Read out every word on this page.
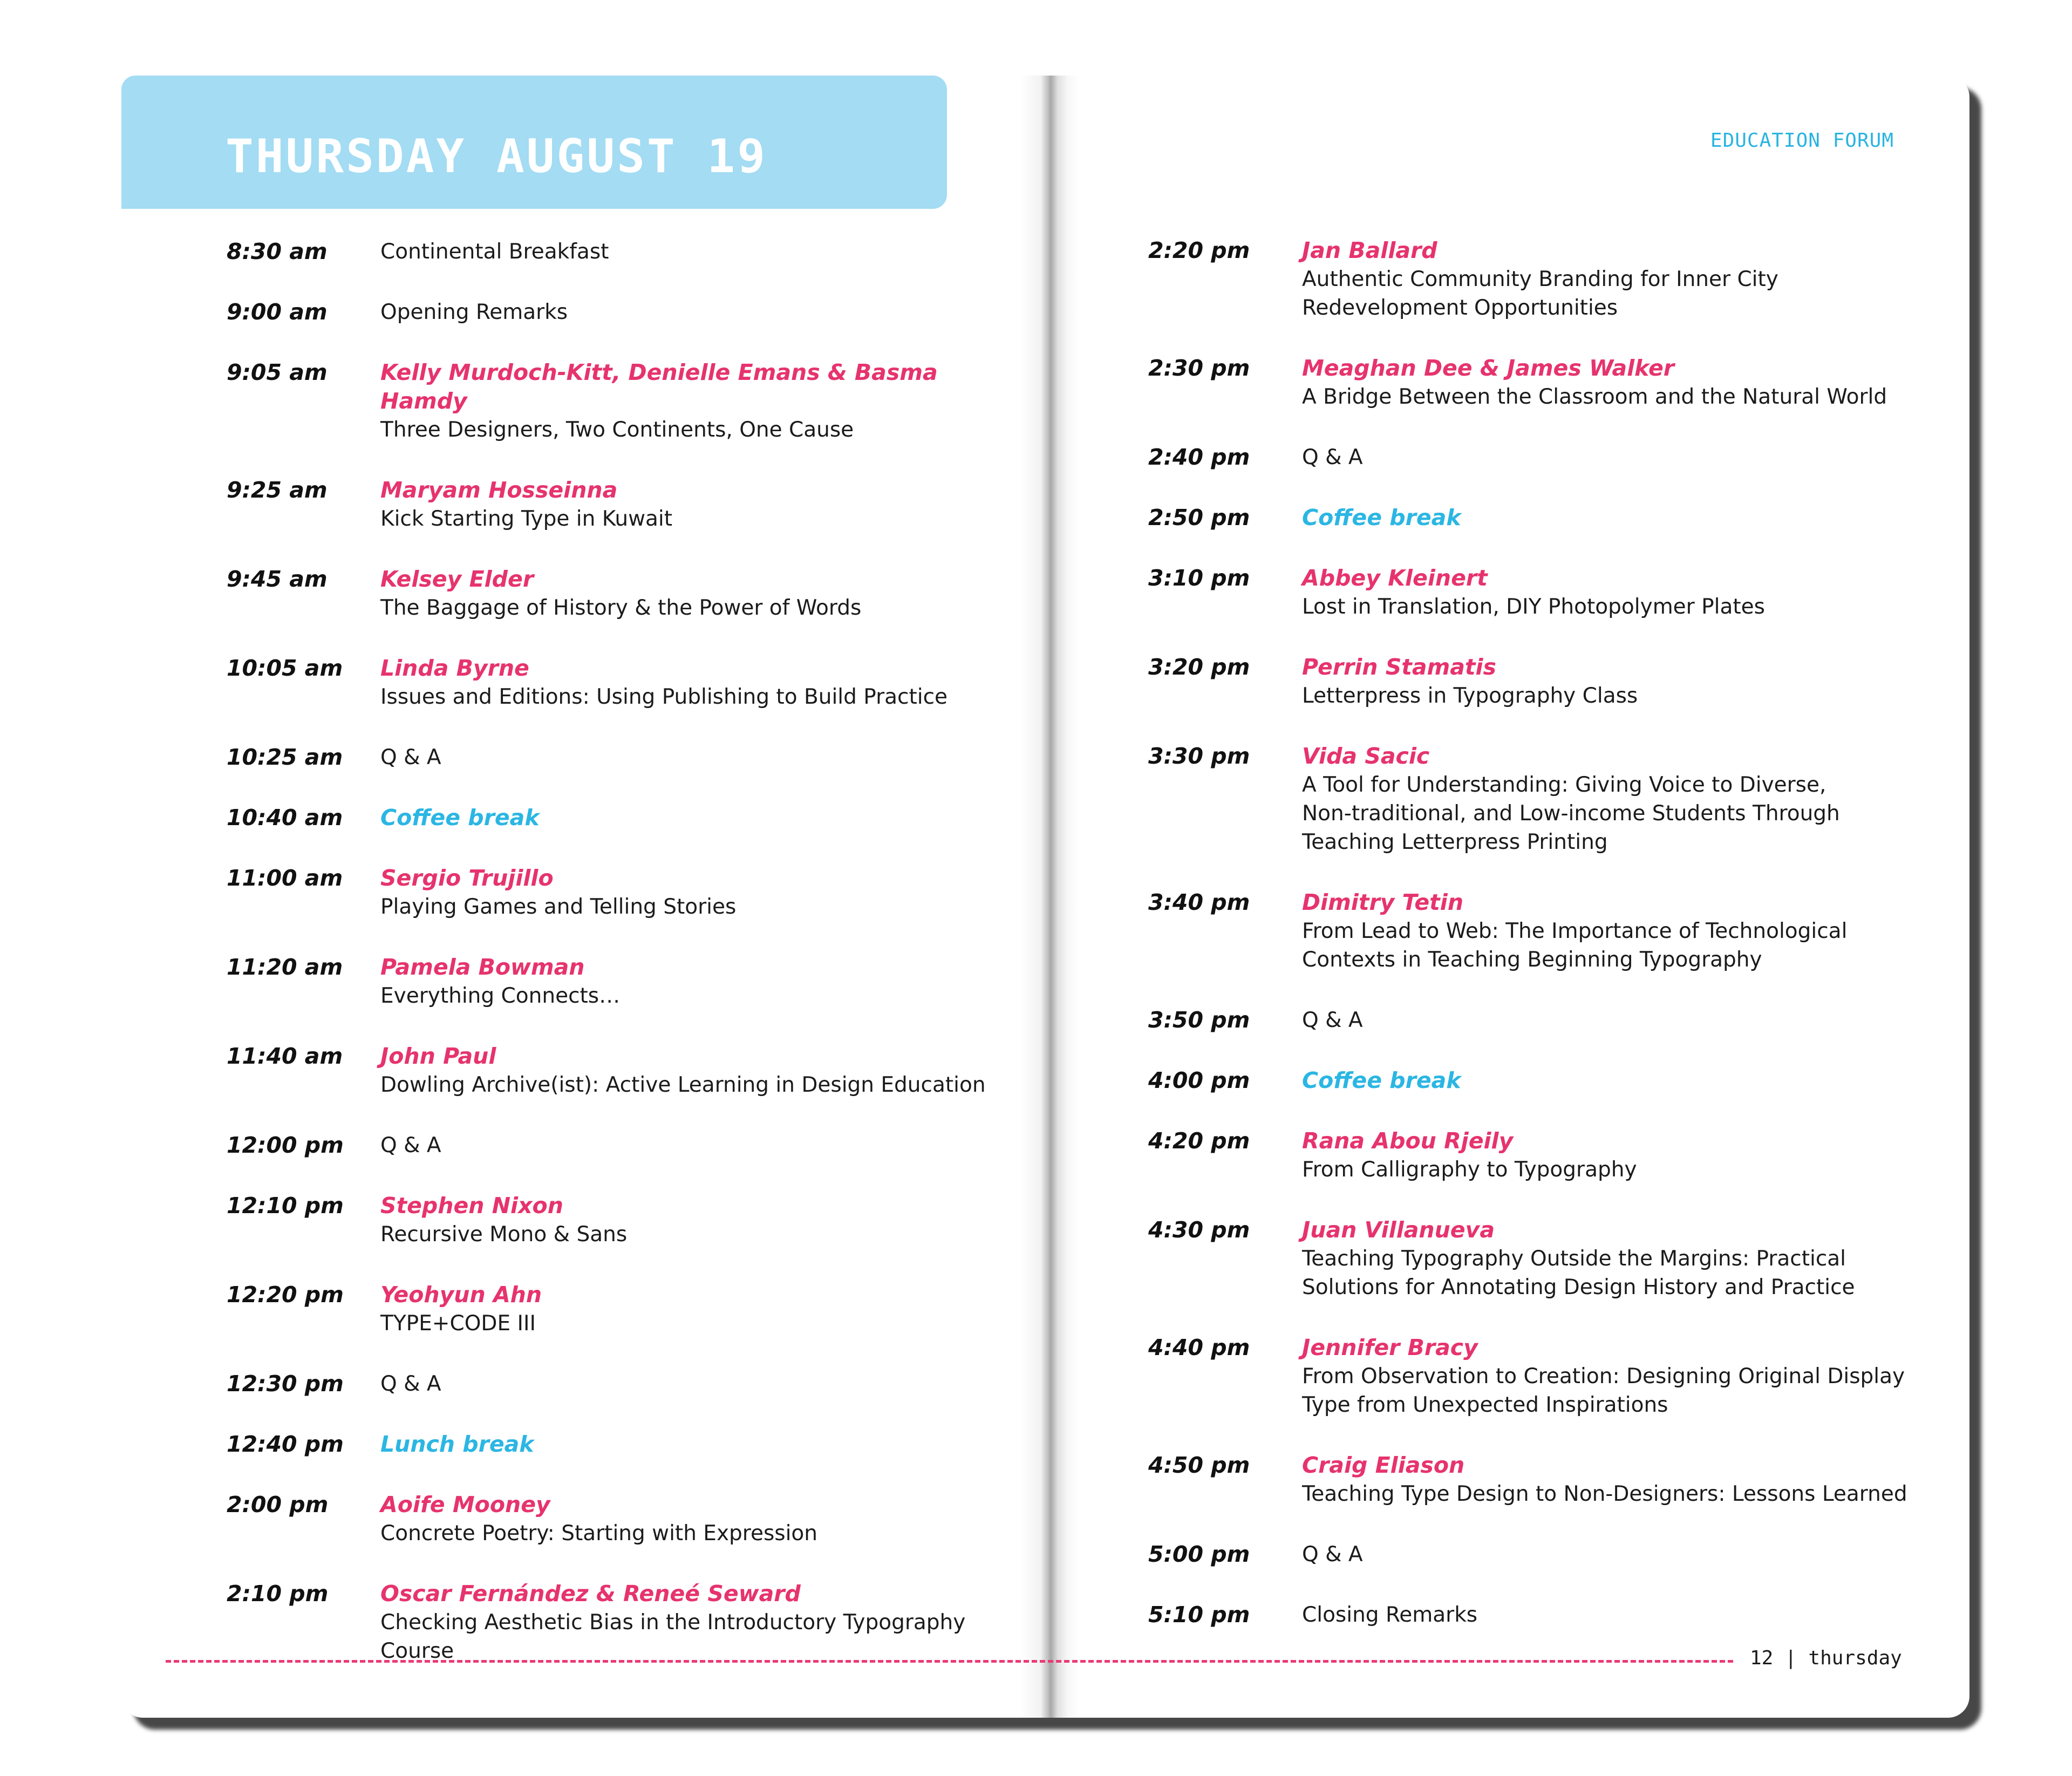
THURSDAY AUGUST 19	EDUCATION FORUM
8:30 am	Continental Breakfast
9:00 am	Opening Remarks
9:05 am	Kelly Murdoch-Kitt, Denielle Emans & Basma Hamdy
Three Designers, Two Continents, One Cause
9:25 am	Maryam Hosseinna
Kick Starting Type in Kuwait
9:45 am	Kelsey Elder
The Baggage of History & the Power of Words
10:05 am	Linda Byrne
Issues and Editions: Using Publishing to Build Practice
10:25 am	Q & A
10:40 am	Coffee break
11:00 am	Sergio Trujillo
Playing Games and Telling Stories
11:20 am	Pamela Bowman
Everything Connects…
11:40 am	John Paul
Dowling Archive(ist): Active Learning in Design Education
12:00 pm	Q & A
12:10 pm	Stephen Nixon
Recursive Mono & Sans
12:20 pm	Yeohyun Ahn
TYPE+CODE III
12:30 pm	Q & A
12:40 pm	Lunch break
2:00 pm	Aoife Mooney
Concrete Poetry: Starting with Expression
2:10 pm	Oscar Fernández & Reneé Seward
Checking Aesthetic Bias in the Introductory Typography Course
2:20 pm	Jan Ballard
Authentic Community Branding for Inner City
Redevelopment Opportunities
2:30 pm	Meaghan Dee & James Walker
A Bridge Between the Classroom and the Natural World
2:40 pm	Q & A
2:50 pm	Coffee break
3:10 pm	Abbey Kleinert
Lost in Translation, DIY Photopolymer Plates
3:20 pm	Perrin Stamatis
Letterpress in Typography Class
3:30 pm	Vida Sacic
A Tool for Understanding: Giving Voice to Diverse,
Non-traditional, and Low-income Students Through
Teaching Letterpress Printing
3:40 pm	Dimitry Tetin
From Lead to Web: The Importance of Technological
Contexts in Teaching Beginning Typography
3:50 pm	Q & A
4:00 pm	Coffee break
4:20 pm	Rana Abou Rjeily
From Calligraphy to Typography
4:30 pm	Juan Villanueva
Teaching Typography Outside the Margins: Practical
Solutions for Annotating Design History and Practice
4:40 pm	Jennifer Bracy
From Observation to Creation: Designing Original Display
Type from Unexpected Inspirations
4:50 pm	Craig Eliason
Teaching Type Design to Non-Designers: Lessons Learned
5:00 pm	Q & A
5:10 pm	Closing Remarks
12 | thursday
